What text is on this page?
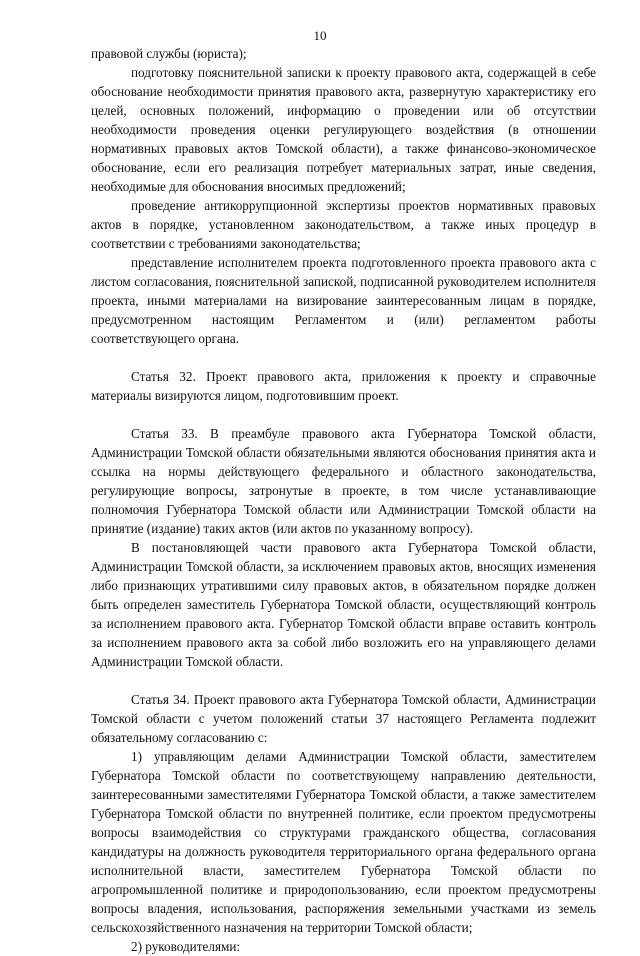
10

правовой службы (юриста);

подготовку пояснительной записки к проекту правового акта, содержащей в себе обоснование необходимости принятия правового акта, развернутую характеристику его целей, основных положений, информацию о проведении или об отсутствии необходимости проведения оценки регулирующего воздействия (в отношении нормативных правовых актов Томской области), а также финансово-экономическое обоснование, если его реализация потребует материальных затрат, иные сведения, необходимые для обоснования вносимых предложений;

проведение антикоррупционной экспертизы проектов нормативных правовых актов в порядке, установленном законодательством, а также иных процедур в соответствии с требованиями законодательства;

представление исполнителем проекта подготовленного проекта правового акта с листом согласования, пояснительной запиской, подписанной руководителем исполнителя проекта, иными материалами на визирование заинтересованным лицам в порядке, предусмотренном настоящим Регламентом и (или) регламентом работы соответствующего органа.

Статья 32. Проект правового акта, приложения к проекту и справочные материалы визируются лицом, подготовившим проект.

Статья 33. В преамбуле правового акта Губернатора Томской области, Администрации Томской области обязательными являются обоснования принятия акта и ссылка на нормы действующего федерального и областного законодательства, регулирующие вопросы, затронутые в проекте, в том числе устанавливающие полномочия Губернатора Томской области или Администрации Томской области на принятие (издание) таких актов (или актов по указанному вопросу).

В постановляющей части правового акта Губернатора Томской области, Администрации Томской области, за исключением правовых актов, вносящих изменения либо признающих утратившими силу правовых актов, в обязательном порядке должен быть определен заместитель Губернатора Томской области, осуществляющий контроль за исполнением правового акта. Губернатор Томской области вправе оставить контроль за исполнением правового акта за собой либо возложить его на управляющего делами Администрации Томской области.

Статья 34. Проект правового акта Губернатора Томской области, Администрации Томской области с учетом положений статьи 37 настоящего Регламента подлежит обязательному согласованию с:

1) управляющим делами Администрации Томской области, заместителем Губернатора Томской области по соответствующему направлению деятельности, заинтересованными заместителями Губернатора Томской области, а также заместителем Губернатора Томской области по внутренней политике, если проектом предусмотрены вопросы взаимодействия со структурами гражданского общества, согласования кандидатуры на должность руководителя территориального органа федерального органа исполнительной власти, заместителем Губернатора Томской области по агропромышленной политике и природопользованию, если проектом предусмотрены вопросы владения, использования, распоряжения земельными участками из земель сельскохозяйственного назначения на территории Томской области;

2) руководителями:
